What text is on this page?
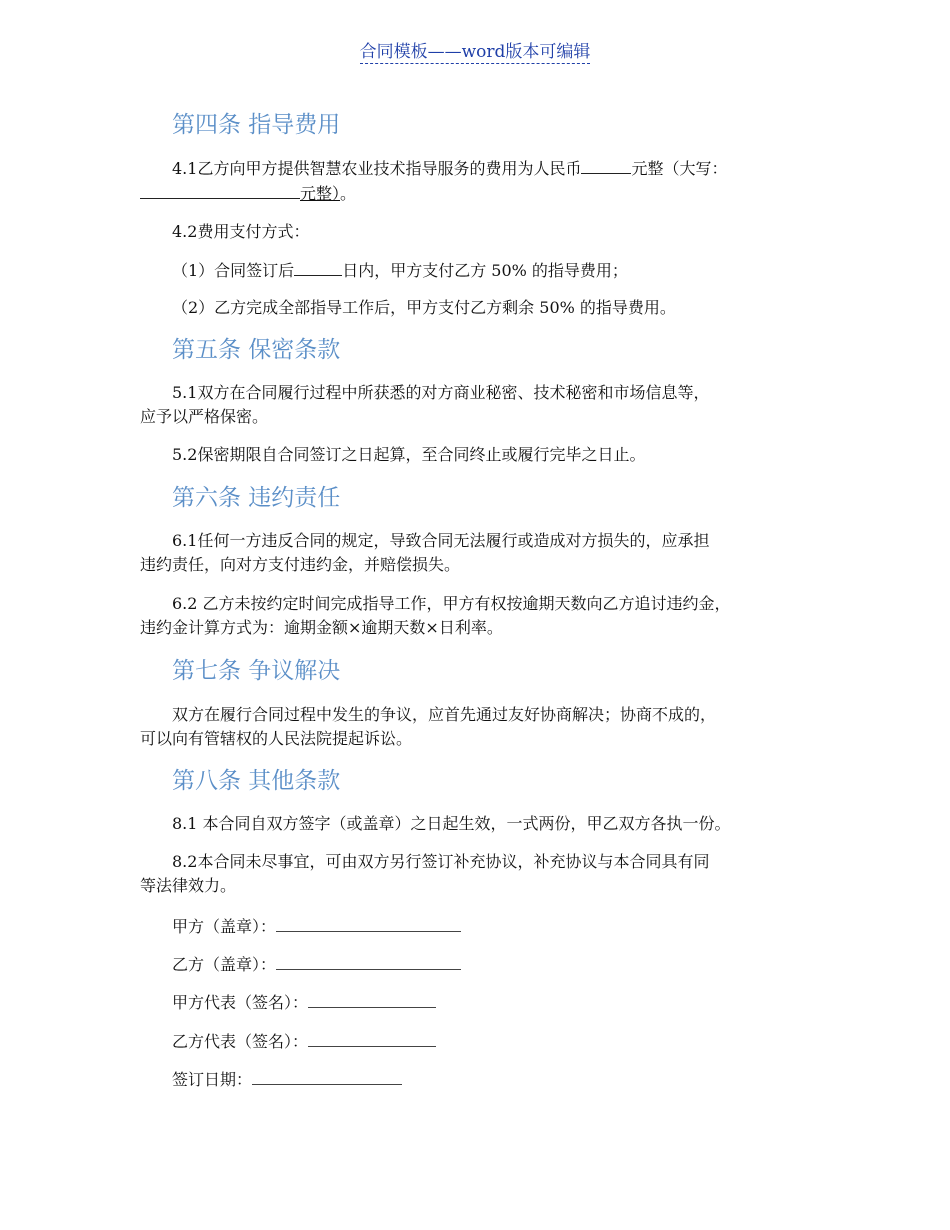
合同模板——word版本可编辑
第四条 指导费用

4.1乙方向甲方提供智慧农业技术指导服务的费用为人民币	元整（大写：
元整）。

4.2费用支付方式：

（1）合同签订后	日内，甲方支付乙方 50% 的指导费用；

（2）乙方完成全部指导工作后，甲方支付乙方剩余 50% 的指导费用。

第五条 保密条款

5.1双方在合同履行过程中所获悉的对方商业秘密、技术秘密和市场信息等，
应予以严格保密。

5.2保密期限自合同签订之日起算，至合同终止或履行完毕之日止。

第六条 违约责任

6.1任何一方违反合同的规定，导致合同无法履行或造成对方损失的，应承担
违约责任，向对方支付违约金，并赔偿损失。

6.2 乙方未按约定时间完成指导工作，甲方有权按逾期天数向乙方追讨违约金，
违约金计算方式为：逾期金额×逾期天数×日利率。

第七条 争议解决

双方在履行合同过程中发生的争议，应首先通过友好协商解决；协商不成的，
可以向有管辖权的人民法院提起诉讼。

第八条 其他条款

8.1 本合同自双方签字（或盖章）之日起生效，一式两份，甲乙双方各执一份。

8.2本合同未尽事宜，可由双方另行签订补充协议，补充协议与本合同具有同
等法律效力。

甲方（盖章）：
乙方（盖章）：
甲方代表（签名）：
乙方代表（签名）：
签订日期：
